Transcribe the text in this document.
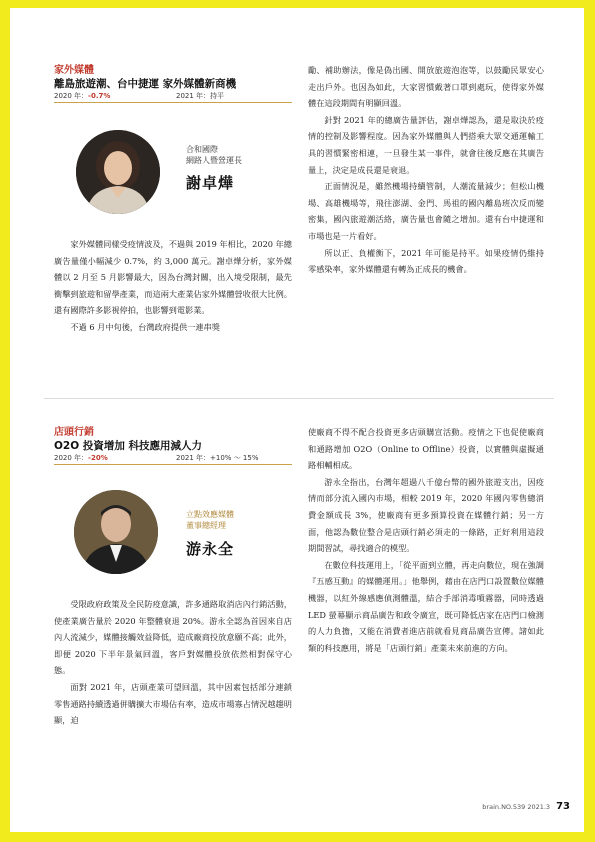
家外媒體
離島旅遊潮、台中捷運 家外媒體新商機
2020 年：-0.7%	2021 年：持平
合和國際
網路人暨營運長
謝卓燁

家外媒體同樣受疫情波及，不過與 2019 年相比，2020 年總廣告量僅小幅減少 0.7%，約 3,000 萬元。謝卓燁分析，家外媒體以 2 月至 5 月影響最大，因為台灣封關，出入境受限制，最先衝擊到旅遊和留學產業，而這兩大產業佔家外媒體營收很大比例。還有國際許多影視停拍，也影響到電影業。

不過 6 月中旬後，台灣政府提供一連串獎

勵、補助辦法，像是偽出國、開放旅遊泡泡等，以鼓勵民眾安心走出戶外。也因為如此，大家習慣戴著口罩到處玩，使得家外媒體在這段期間有明顯回溫。

針對 2021 年的總廣告量評估，謝卓燁認為，還是取決於疫情的控制及影響程度。因為家外媒體與人們搭乘大眾交通運輸工具的習慣緊密相連，一旦發生某一事件，就會往後反應在其廣告量上，決定是成長還是衰退。

正面情況是，雖然機場持續管制，人潮流量減少；但松山機場、高雄機場等，飛往澎湖、金門、馬祖的國內離島班次反而變密集，國內旅遊潮活絡，廣告量也會隨之增加。還有台中捷運和市場也是一片看好。

所以正、負權衡下，2021 年可能是持平。如果疫情仍維持零感染率，家外媒體還有轉為正成長的機會。

店頭行銷
O2O 投資增加 科技應用減人力
2020 年：-20%	2021 年：+10% ～ 15%
立點效應媒體
董事總經理
游永全

受限政府政策及全民防疫意識，許多通路取消店內行銷活動，使產業廣告量於 2020 年整體衰退 20%。游永全認為首因來自店內人流減少，媒體接觸效益降低，造成廠商投放意願不高；此外，即便 2020 下半年景氣回溫，客戶對媒體投放依然相對保守心態。

面對 2021 年，店頭產業可望回溫，其中因素包括部分連鎖零售通路持續透過併購擴大市場佔有率，造成市場寡占情況越趨明顯，迫

使廠商不得不配合投資更多店頭購宣活動。疫情之下也促使廠商和通路增加 O2O（Online to Offline）投資，以實體與虛擬通路相輔相成。

游永全指出，台灣年超過八千億台幣的國外旅遊支出，因疫情而部分流入國內市場，相較 2019 年，2020 年國內零售總消費金額成長 3%，使廠商有更多預算投資在媒體行銷；另一方面，他認為數位整合是店頭行銷必須走的一條路，正好利用這段期間習試，尋找適合的模型。

在數位科技運用上，「從平面到立體，再走向數位，現在強調『五感互動』的媒體運用。」他舉例，藉由在店門口設置數位媒體機器，以紅外線感應偵測體溫，結合手部消毒噴霧器，同時透過 LED 螢幕顯示商品廣告和政令廣宣，既可降低店家在店門口檢測的人力負擔，又能在消費者進店前就看見商品廣告宣傳。諸如此類的科技應用，將是「店頭行銷」產業未來前進的方向。

brain.NO.539 2021.3 73
